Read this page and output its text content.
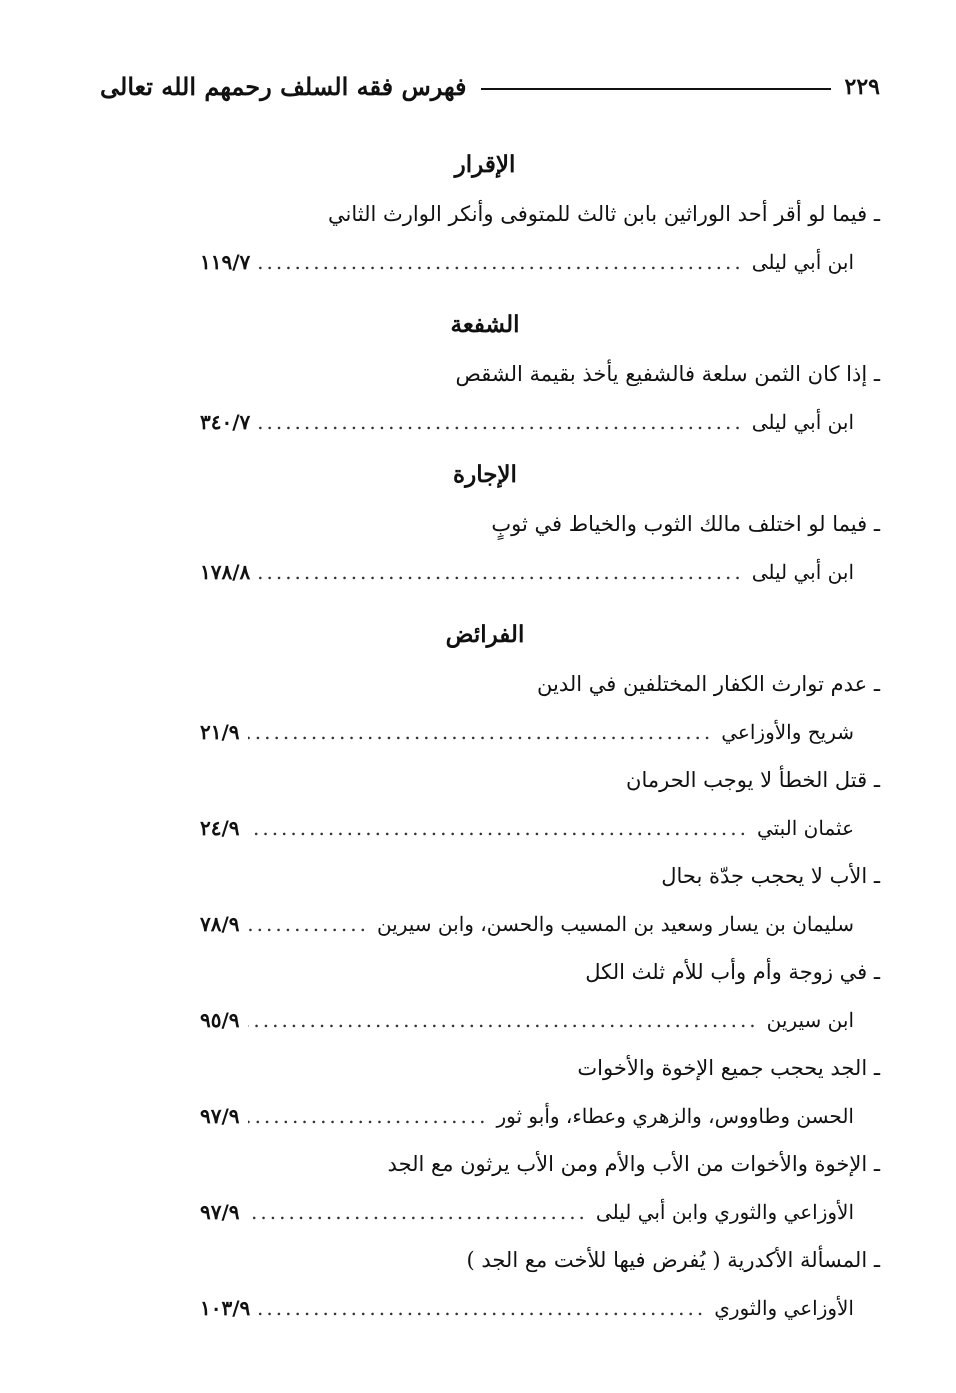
فهرس فقه السلف رحمهم الله تعالى	٢٢٩
الإقرار
ـ فيما لو أقر أحد الوراثين بابن ثالث للمتوفى وأنكر الوارث الثاني
ابن أبي ليلى
.....
١١٩/٧
الشفعة
ـ إذا كان الثمن سلعة فالشفيع يأخذ بقيمة الشقص
ابن أبي ليلى
.....
٣٤٠/٧
الإجارة
ـ فيما لو اختلف مالك الثوب والخياط في ثوبٍ
ابن أبي ليلى
.....
١٧٨/٨
الفرائض
ـ عدم توارث الكفار المختلفين في الدين
شريح والأوزاعي
.....
٢١/٩
ـ قتل الخطأ لا يوجب الحرمان
عثمان البتي
.....
٢٤/٩
ـ الأب لا يحجب جدّة بحال
سليمان بن يسار وسعيد بن المسيب والحسن، وابن سيرين
.....
٧٨/٩
ـ في زوجة وأم وأب للأم ثلث الكل
ابن سيرين
.....
٩٥/٩
ـ الجد يحجب جميع الإخوة والأخوات
الحسن وطاووس، والزهري وعطاء، وأبو ثور
.....
٩٧/٩
ـ الإخوة والأخوات من الأب والأم ومن الأب يرثون مع الجد
الأوزاعي والثوري وابن أبي ليلى
.....
٩٧/٩
ـ المسألة الأكدرية ( يُفرض فيها للأخت مع الجد )
الأوزاعي والثوري
.....
١٠٣/٩
